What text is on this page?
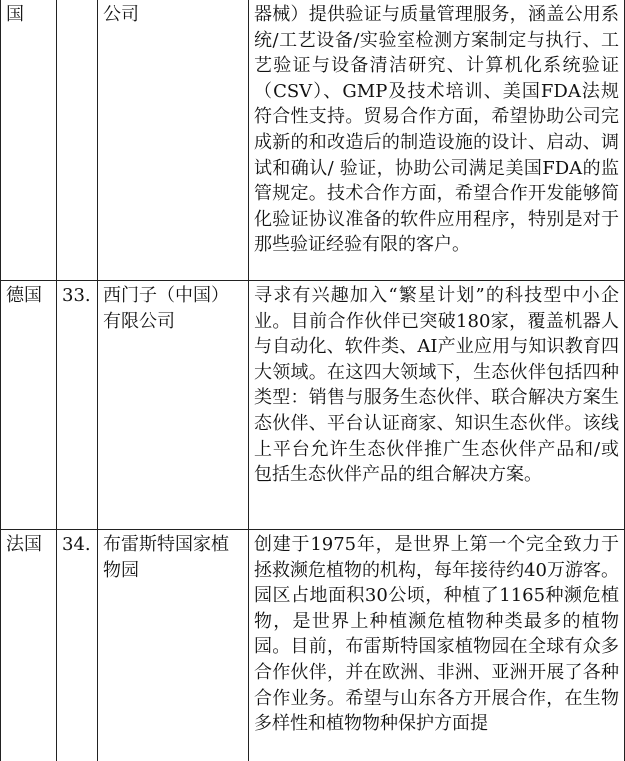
国		公司	器械）提供验证与质量管理服务，涵盖公用系统/工艺设备/实验室检测方案制定与执行、工艺验证与设备清洁研究、计算机化系统验证（CSV）、GMP及技术培训、美国FDA法规符合性支持。贸易合作方面，希望协助公司完成新的和改造后的制造设施的设计、启动、调试和确认/ 验证，协助公司满足美国FDA的监管规定。技术合作方面，希望合作开发能够简化验证协议准备的软件应用程序，特别是对于那些验证经验有限的客户。

德国	33.	西门子（中国）有限公司	寻求有兴趣加入“繁星计划”的科技型中小企业。目前合作伙伴已突破180家，覆盖机器人与自动化、软件类、AI产业应用与知识教育四大领域。在这四大领域下，生态伙伴包括四种类型：销售与服务生态伙伴、联合解决方案生态伙伴、平台认证商家、知识生态伙伴。该线上平台允许生态伙伴推广生态伙伴产品和/或包括生态伙伴产品的组合解决方案。

法国	34.	布雷斯特国家植物园	创建于1975年，是世界上第一个完全致力于拯救濒危植物的机构，每年接待约40万游客。园区占地面积30公顷，种植了1165种濒危植物，是世界上种植濒危植物种类最多的植物园。目前，布雷斯特国家植物园在全球有众多合作伙伴，并在欧洲、非洲、亚洲开展了各种合作业务。希望与山东各方开展合作，在生物多样性和植物物种保护方面提
